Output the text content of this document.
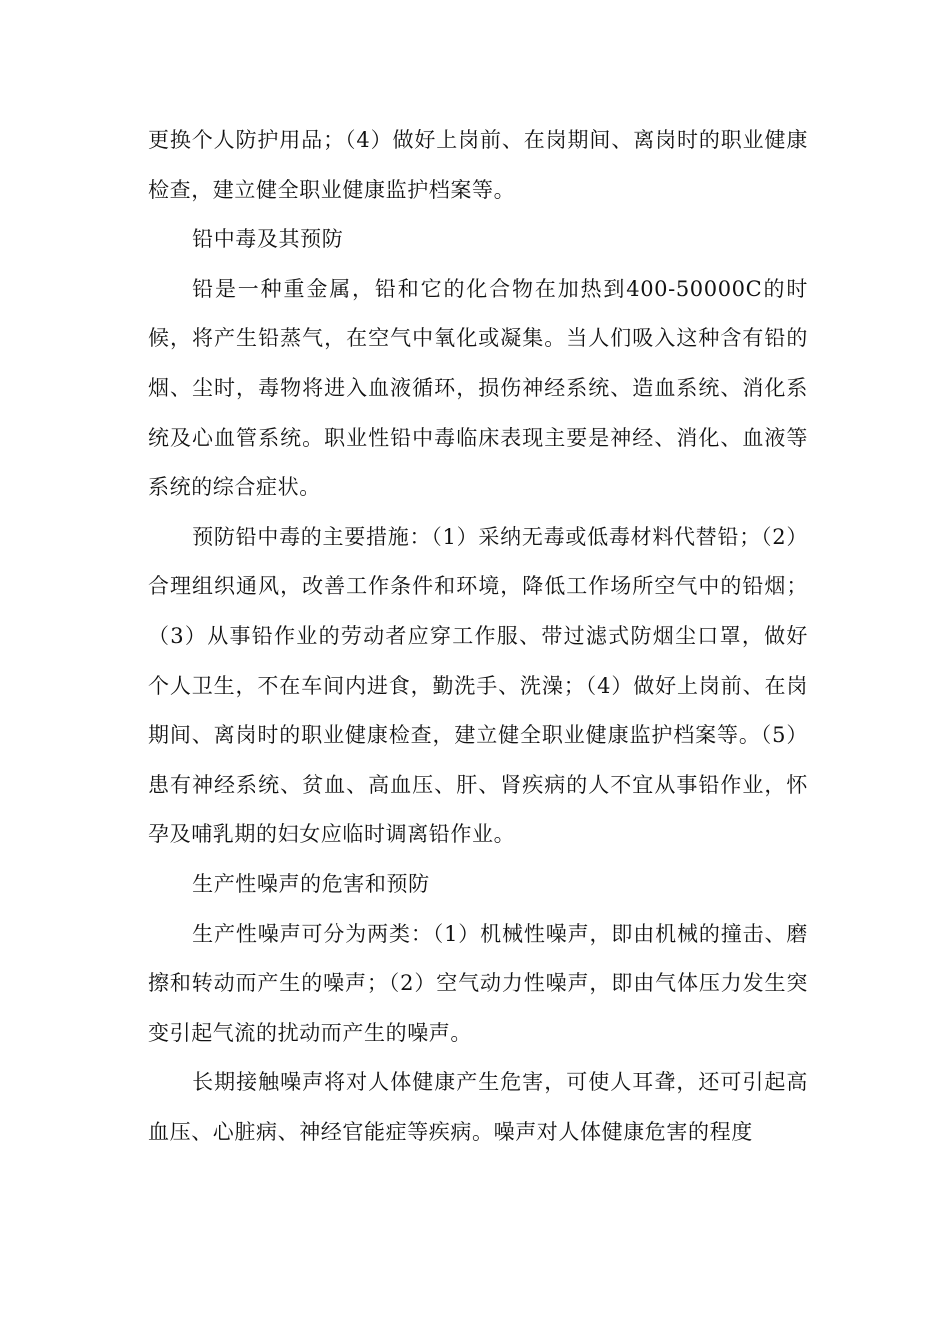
更换个人防护用品；（4）做好上岗前、在岗期间、离岗时的职业健康检查，建立健全职业健康监护档案等。

铅中毒及其预防

铅是一种重金属，铅和它的化合物在加热到400-50000C的时候，将产生铅蒸气，在空气中氧化或凝集。当人们吸入这种含有铅的烟、尘时，毒物将进入血液循环，损伤神经系统、造血系统、消化系统及心血管系统。职业性铅中毒临床表现主要是神经、消化、血液等系统的综合症状。

预防铅中毒的主要措施：（1）采纳无毒或低毒材料代替铅；（2）合理组织通风，改善工作条件和环境，降低工作场所空气中的铅烟；（3）从事铅作业的劳动者应穿工作服、带过滤式防烟尘口罩，做好个人卫生，不在车间内进食，勤洗手、洗澡；（4）做好上岗前、在岗期间、离岗时的职业健康检查，建立健全职业健康监护档案等。（5）患有神经系统、贫血、高血压、肝、肾疾病的人不宜从事铅作业，怀孕及哺乳期的妇女应临时调离铅作业。

生产性噪声的危害和预防

生产性噪声可分为两类：（1）机械性噪声，即由机械的撞击、磨擦和转动而产生的噪声；（2）空气动力性噪声，即由气体压力发生突变引起气流的扰动而产生的噪声。

长期接触噪声将对人体健康产生危害，可使人耳聋，还可引起高血压、心脏病、神经官能症等疾病。噪声对人体健康危害的程度
